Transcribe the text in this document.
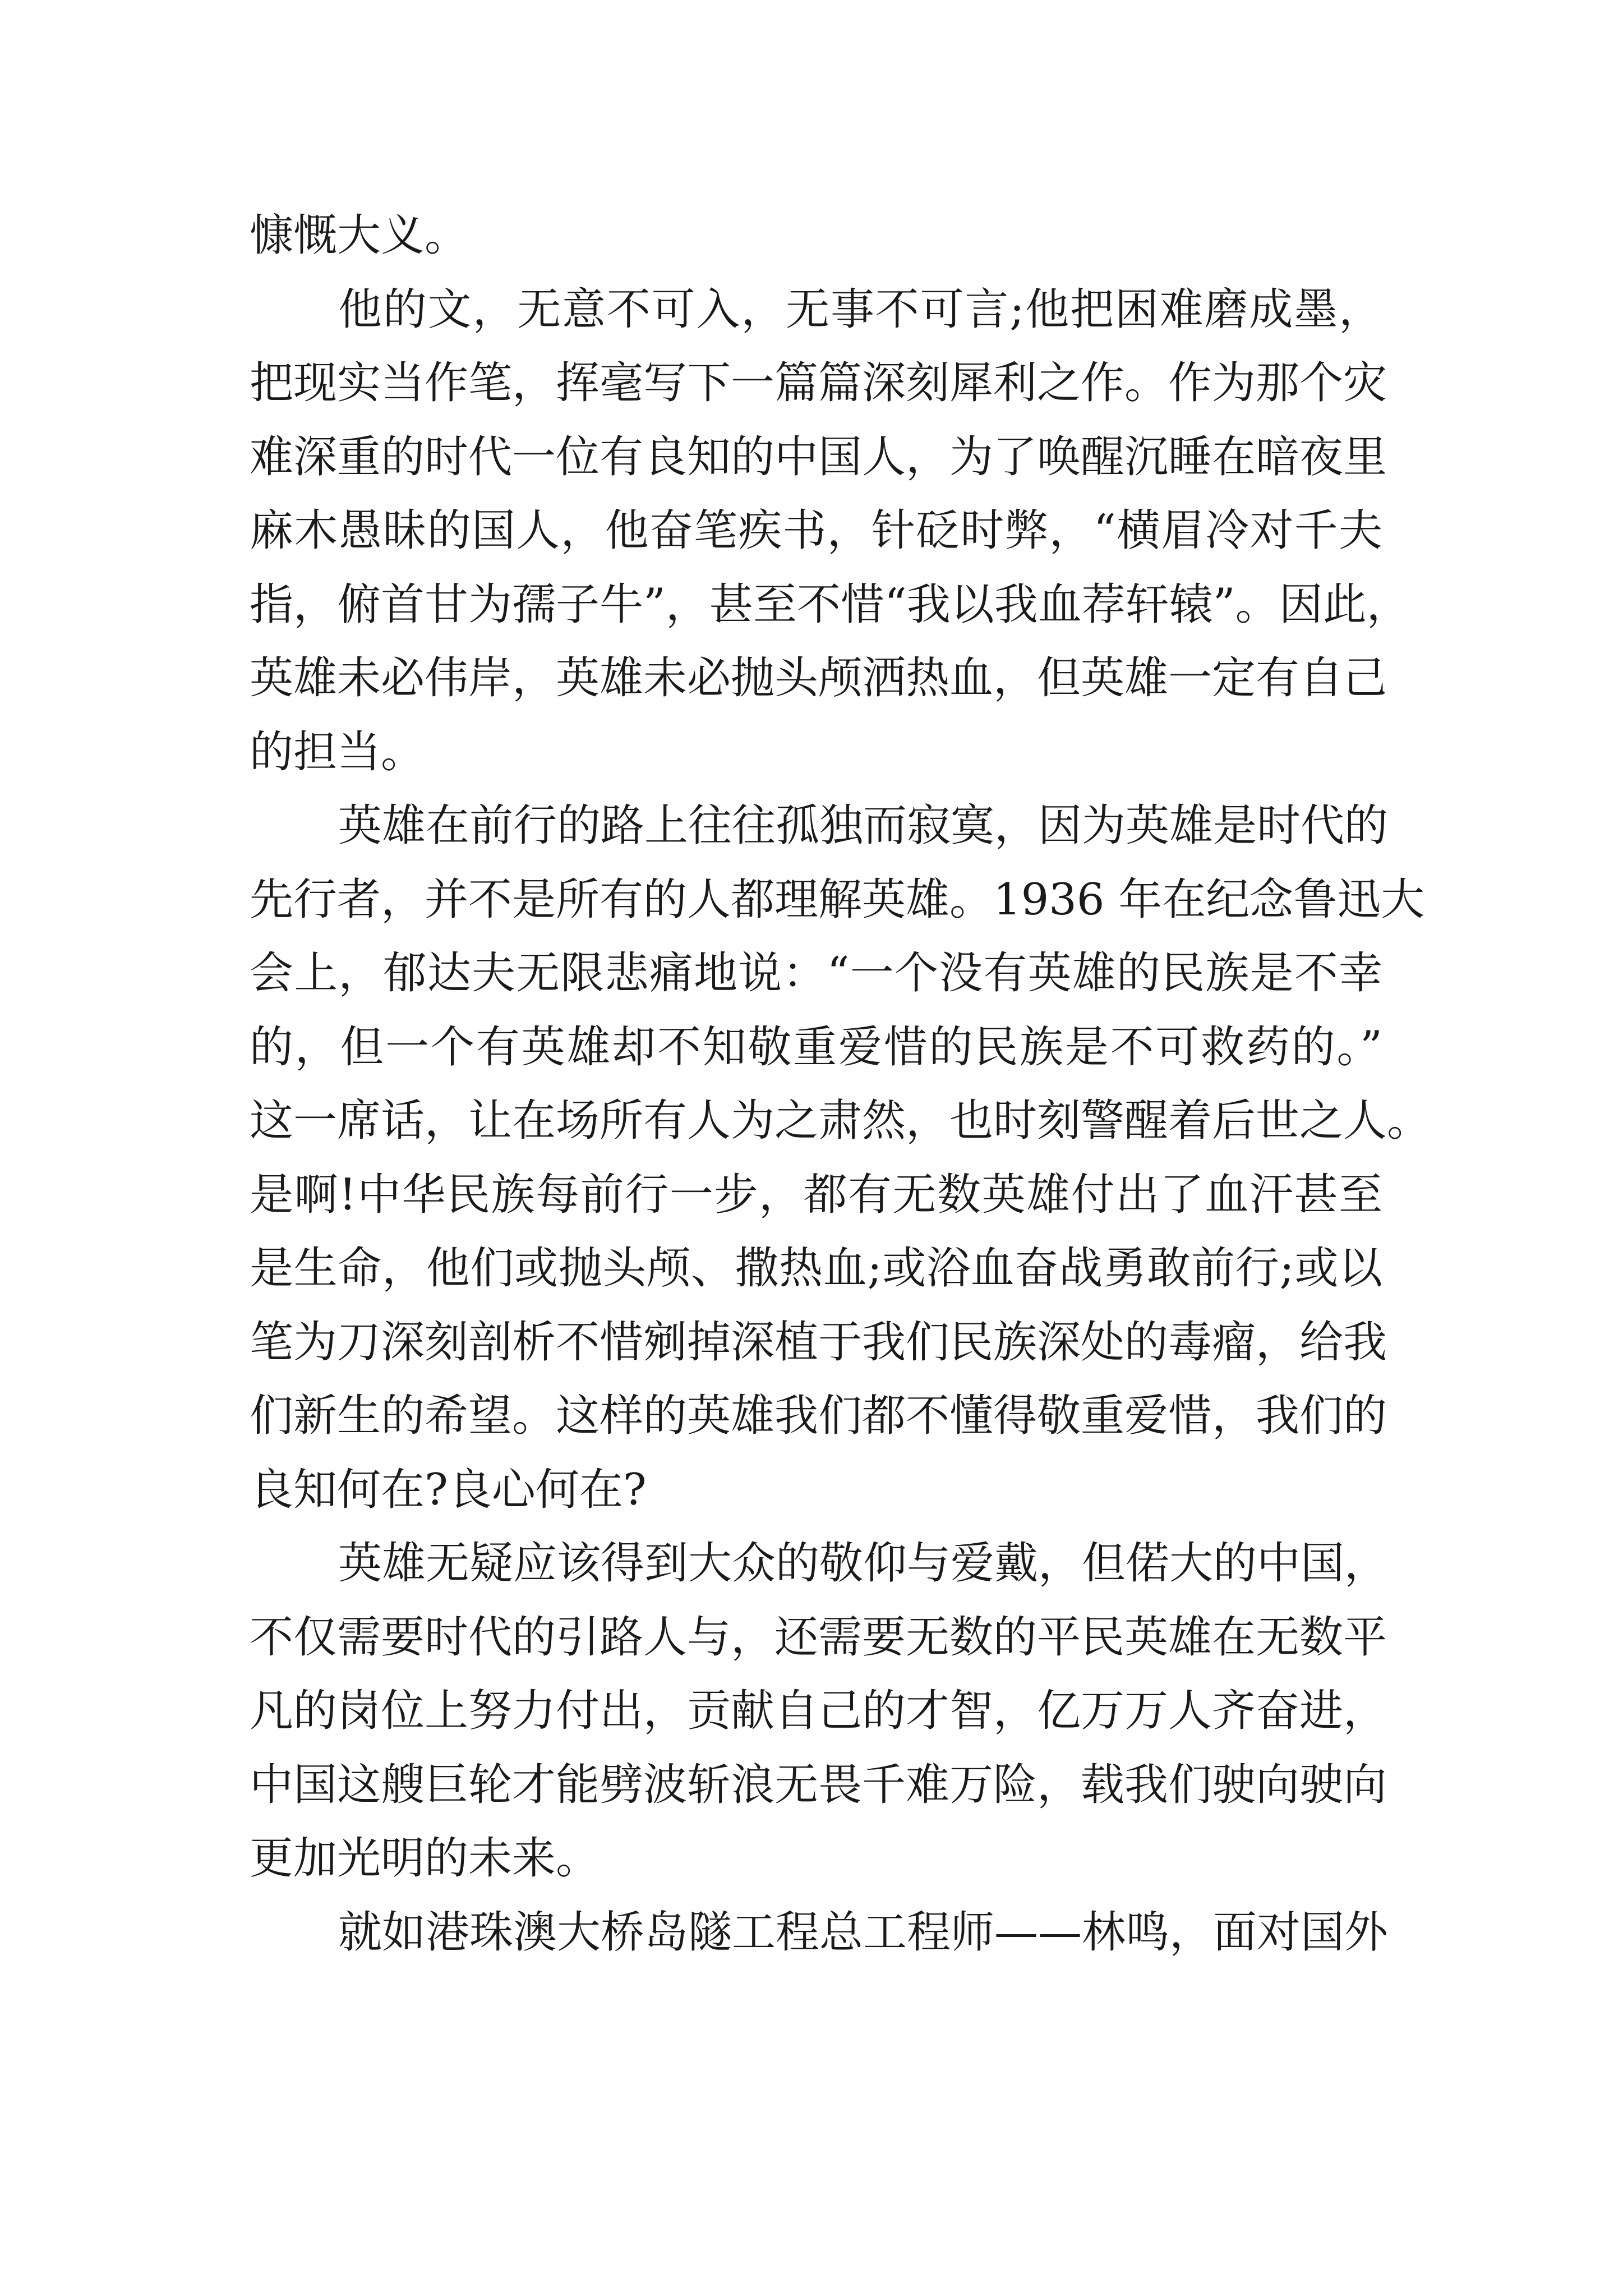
慷慨大义。
他的文，无意不可入，无事不可言;他把困难磨成墨，
把现实当作笔，挥毫写下一篇篇深刻犀利之作。作为那个灾
难深重的时代一位有良知的中国人，为了唤醒沉睡在暗夜里
麻木愚昧的国人，他奋笔疾书，针砭时弊，“横眉冷对千夫
指，俯首甘为孺子牛”，甚至不惜“我以我血荐轩辕”。因此，
英雄未必伟岸，英雄未必抛头颅洒热血，但英雄一定有自己
的担当。
英雄在前行的路上往往孤独而寂寞，因为英雄是时代的
先行者，并不是所有的人都理解英雄。1936 年在纪念鲁迅大
会上，郁达夫无限悲痛地说：“一个没有英雄的民族是不幸
的，但一个有英雄却不知敬重爱惜的民族是不可救药的。”
这一席话，让在场所有人为之肃然，也时刻警醒着后世之人。
是啊!中华民族每前行一步，都有无数英雄付出了血汗甚至
是生命，他们或抛头颅、撒热血;或浴血奋战勇敢前行;或以
笔为刀深刻剖析不惜剜掉深植于我们民族深处的毒瘤，给我
们新生的希望。这样的英雄我们都不懂得敬重爱惜，我们的
良知何在?良心何在?
英雄无疑应该得到大众的敬仰与爱戴，但偌大的中国，
不仅需要时代的引路人与，还需要无数的平民英雄在无数平
凡的岗位上努力付出，贡献自己的才智，亿万万人齐奋进，
中国这艘巨轮才能劈波斩浪无畏千难万险，载我们驶向驶向
更加光明的未来。
就如港珠澳大桥岛隧工程总工程师——林鸣，面对国外
